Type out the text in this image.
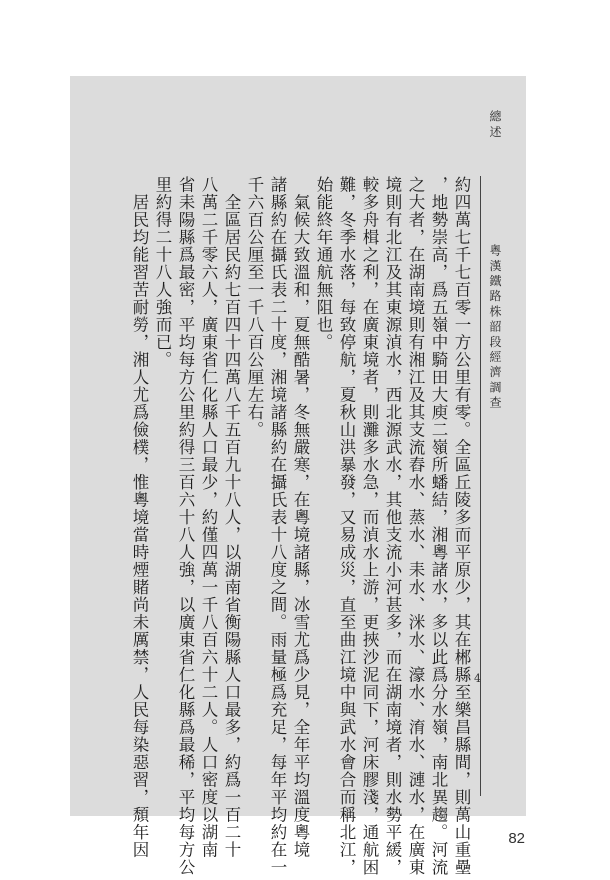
總述
粵漢鐵路株韶段經濟調查
約四萬七千七百零一方公里有零。全區丘陵多而平原少，其在郴縣至樂昌縣間，則萬山重壘
，地勢崇高，爲五嶺中騎田大庾二嶺所蟠結，湘粵諸水，多以此爲分水嶺，南北異趨。河流
之大者，在湖南境則有湘江及其支流舂水、蒸水、耒水、洣水、濠水、淯水、漣水，在廣東
境則有北江及其東源湞水，西北源武水，其他支流小河甚多，而在湖南境者，則水勢平緩，
較多舟楫之利，在廣東境者，則灘多水急，而湞水上游，更挾沙泥同下，河床膠淺，通航困
難，冬季水落，每致停航，夏秋山洪暴發，又易成災，直至曲江境中與武水會合而稱北江，
始能終年通航無阻也。
　氣候大致溫和，夏無酷暑，冬無嚴寒，在粵境諸縣，冰雪尤爲少見，全年平均溫度粵境
諸縣約在攝氏表二十度，湘境諸縣約在攝氏表十八度之間。雨量極爲充足，每年平均約在一
千六百公厘至一千八百公厘左右。
　全區居民約七百四十四萬八千五百九十八人，以湖南省衡陽縣人口最多，約爲一百二十
八萬二千零六人，廣東省仁化縣人口最少，約僅四萬一千八百六十二人。人口密度以湖南
省耒陽縣爲最密，平均每方公里約得三百六十八人強，以廣東省仁化縣爲最稀，平均每方公
里約得二十八人強而已。
　居民均能習苦耐勞，湘人尤爲儉樸，惟粵境當時煙賭尚未厲禁，人民每染惡習，頹年因	4
82
